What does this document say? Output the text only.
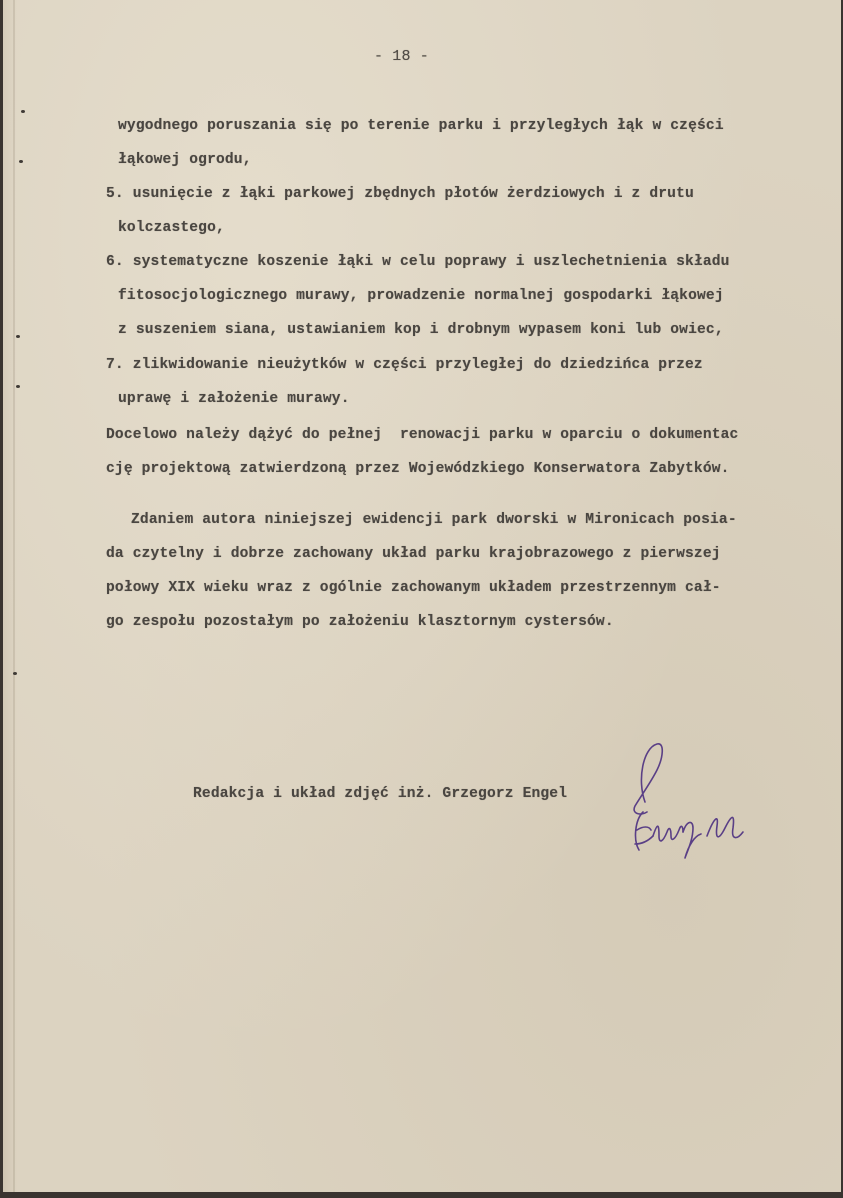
- 18 -

wygodnego poruszania się po terenie parku i przyległych łąk w części

łąkowej ogrodu,

5. usunięcie z łąki parkowej zbędnych płotów żerdziowych i z drutu

kolczastego,

6. systematyczne koszenie łąki w celu poprawy i uszlechetnienia składu

fitosocjologicznego murawy, prowadzenie normalnej gospodarki łąkowej

z suszeniem siana, ustawianiem kop i drobnym wypasem koni lub owiec,

7. zlikwidowanie nieużytków w części przyległej do dziedzińca przez

uprawę i założenie murawy.

Docelowo należy dążyć do pełnej  renowacji parku w oparciu o dokumentac

cję projektową zatwierdzoną przez Wojewódzkiego Konserwatora Zabytków.

Zdaniem autora niniejszej ewidencji park dworski w Mironicach posia-

da czytelny i dobrze zachowany układ parku krajobrazowego z pierwszej

połowy XIX wieku wraz z ogólnie zachowanym układem przestrzennym cał-

go zespołu pozostałym po założeniu klasztornym cystersów.

Redakcja i układ zdjęć inż. Grzegorz Engel
